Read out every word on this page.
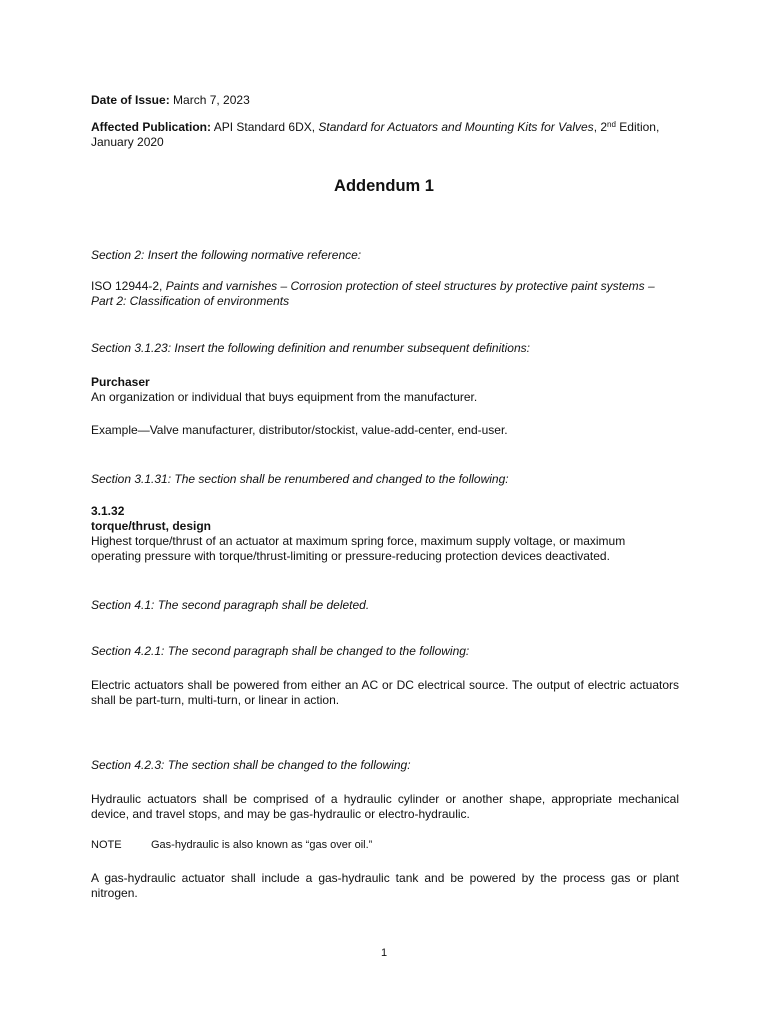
Date of Issue: March 7, 2023

Affected Publication: API Standard 6DX, Standard for Actuators and Mounting Kits for Valves, 2nd Edition,
January 2020

Addendum 1

Section 2: Insert the following normative reference:

ISO 12944-2, Paints and varnishes – Corrosion protection of steel structures by protective paint systems –
Part 2: Classification of environments

Section 3.1.23: Insert the following definition and renumber subsequent definitions:

Purchaser

An organization or individual that buys equipment from the manufacturer.

Example—Valve manufacturer, distributor/stockist, value-add-center, end-user.

Section 3.1.31: The section shall be renumbered and changed to the following:

3.1.32

torque/thrust, design

Highest torque/thrust of an actuator at maximum spring force, maximum supply voltage, or maximum
operating pressure with torque/thrust-limiting or pressure-reducing protection devices deactivated.

Section 4.1: The second paragraph shall be deleted.

Section 4.2.1: The second paragraph shall be changed to the following:

Electric actuators shall be powered from either an AC or DC electrical source. The output of electric actuators shall be part-turn, multi-turn, or linear in action.

Section 4.2.3: The section shall be changed to the following:

Hydraulic actuators shall be comprised of a hydraulic cylinder or another shape, appropriate mechanical device, and travel stops, and may be gas-hydraulic or electro-hydraulic.

NOTE	Gas-hydraulic is also known as “gas over oil.”

A gas-hydraulic actuator shall include a gas-hydraulic tank and be powered by the process gas or plant nitrogen.

1
